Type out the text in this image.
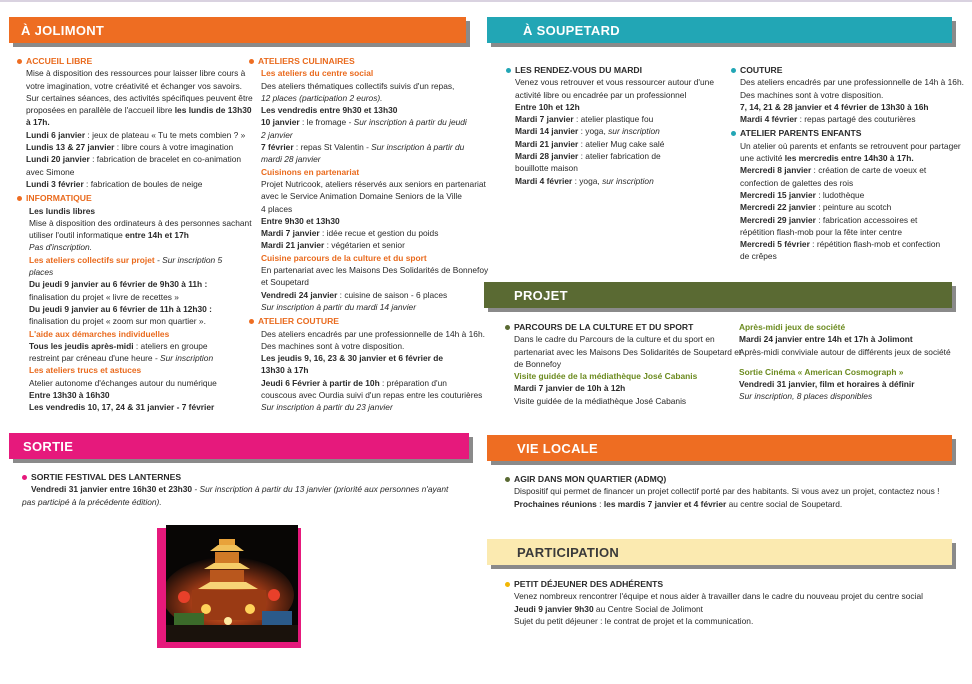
À JOLIMONT	À SOUPETARD
PROJET
SORTIE	VIE LOCALE
PARTICIPATION
ACCUEIL LIBRE

Mise à disposition des ressources pour laisser libre cours à

votre imagination, votre créativité et échanger vos savoirs.

Sur certaines séances, des activités spécifiques peuvent être

proposées en parallèle de l'accueil libre les lundis de 13h30

à 17h.

Lundi 6 janvier : jeux de plateau « Tu te mets combien ? »

Lundis 13 & 27 janvier : libre cours à votre imagination

Lundi 20 janvier : fabrication de bracelet en co-animation

avec Simone

Lundi 3 février : fabrication de boules de neige

INFORMATIQUE

Les lundis libres

Mise à disposition des ordinateurs à des personnes sachant

utiliser l'outil informatique entre 14h et 17h

Pas d'inscription.

Les ateliers collectifs sur projet - Sur inscription 5

places

Du jeudi 9 janvier au 6 février de 9h30 à 11h :

finalisation du projet « livre de recettes »

Du jeudi 9 janvier au 6 février de 11h à 12h30 :

finalisation du projet « zoom sur mon quartier ».

L'aide aux démarches individuelles

Tous les jeudis après-midi : ateliers en groupe

restreint par créneau d'une heure - Sur inscription

Les ateliers trucs et astuces

Atelier autonome d'échanges autour du numérique

Entre 13h30 à 16h30

Les vendredis 10, 17, 24 & 31 janvier - 7 février

ATELIERS CULINAIRES

Les ateliers du centre social

Des ateliers thématiques collectifs suivis d'un repas,

12 places (participation 2 euros).

Les vendredis entre 9h30 et 13h30

10 janvier : le fromage - Sur inscription à partir du jeudi

2 janvier

7 février : repas St Valentin - Sur inscription à partir du

mardi 28 janvier

Cuisinons en partenariat

Projet Nutricook, ateliers réservés aux seniors en partenariat

avec le Service Animation Domaine Seniors de la Ville

4 places

Entre 9h30 et 13h30

Mardi 7 janvier : idée recue et gestion du poids

Mardi 21 janvier : végétarien et senior

Cuisine parcours de la culture et du sport

En partenariat avec les Maisons Des Solidarités de Bonnefoy

et Soupetard

Vendredi 24 janvier : cuisine de saison - 6 places

Sur inscription à partir du mardi 14 janvier

ATELIER COUTURE

Des ateliers encadrés par une professionnelle de 14h à 16h.

Des machines sont à votre disposition.

Les jeudis 9, 16, 23 & 30 janvier et 6 février de

13h30 à 17h

Jeudi 6 Février à partir de 10h : préparation d'un

couscous avec Ourdia suivi d'un repas entre les couturières

Sur inscription à partir du 23 janvier

LES RENDEZ-VOUS DU MARDI

Venez vous retrouver et vous ressourcer autour d'une

activité libre ou encadrée par un professionnel

Entre 10h et 12h

Mardi 7 janvier : atelier plastique fou

Mardi 14 janvier : yoga, sur inscription

Mardi 21 janvier : atelier Mug cake salé

Mardi 28 janvier : atelier fabrication de

bouillotte maison

Mardi 4 février : yoga, sur inscription

COUTURE

Des ateliers encadrés par une professionnelle de 14h à 16h.

Des machines sont à votre disposition.

7, 14, 21 & 28 janvier et 4 février de 13h30 à 16h

Mardi 4 février : repas partagé des couturières

ATELIER PARENTS ENFANTS

Un atelier où parents et enfants se retrouvent pour partager

une activité les mercredis entre 14h30 à 17h.

Mercredi 8 janvier : création de carte de voeux et

confection de galettes des rois

Mercredi 15 janvier : ludothèque

Mercredi 22 janvier : peinture au scotch

Mercredi 29 janvier : fabrication accessoires et

répétition flash-mob pour la fête inter centre

Mercredi 5 février : répétition flash-mob et confection

de crêpes

PARCOURS DE LA CULTURE ET DU SPORT

Dans le cadre du Parcours de la culture et du sport en

partenariat avec les Maisons Des Solidarités de Soupetard et

de Bonnefoy

Visite guidée de la médiathèque José Cabanis

Mardi 7 janvier de 10h à 12h

Visite guidée de la médiathèque José Cabanis

Après-midi jeux de société

Mardi 24 janvier entre 14h et 17h à Jolimont

Après-midi conviviale autour de différents jeux de société

Sortie Cinéma « American Cosmograph »

Vendredi 31 janvier, film et horaires à définir

Sur inscription, 8 places disponibles

SORTIE FESTIVAL DES LANTERNES

Vendredi 31 janvier entre 16h30 et 23h30 - Sur inscription à partir du 13 janvier (priorité aux personnes n'ayant

pas participé à la précédente édition).

AGIR DANS MON QUARTIER (ADMQ)

Dispositif qui permet de financer un projet collectif porté par des habitants. Si vous avez un projet, contactez nous !

Prochaines réunions : les mardis 7 janvier et 4 février au centre social de Soupetard.

PETIT DÉJEUNER DES ADHÉRENTS

Venez nombreux rencontrer l'équipe et nous aider à travailler dans le cadre du nouveau projet du centre social

Jeudi 9 janvier 9h30 au Centre Social de Jolimont

Sujet du petit déjeuner : le contrat de projet et la communication.
